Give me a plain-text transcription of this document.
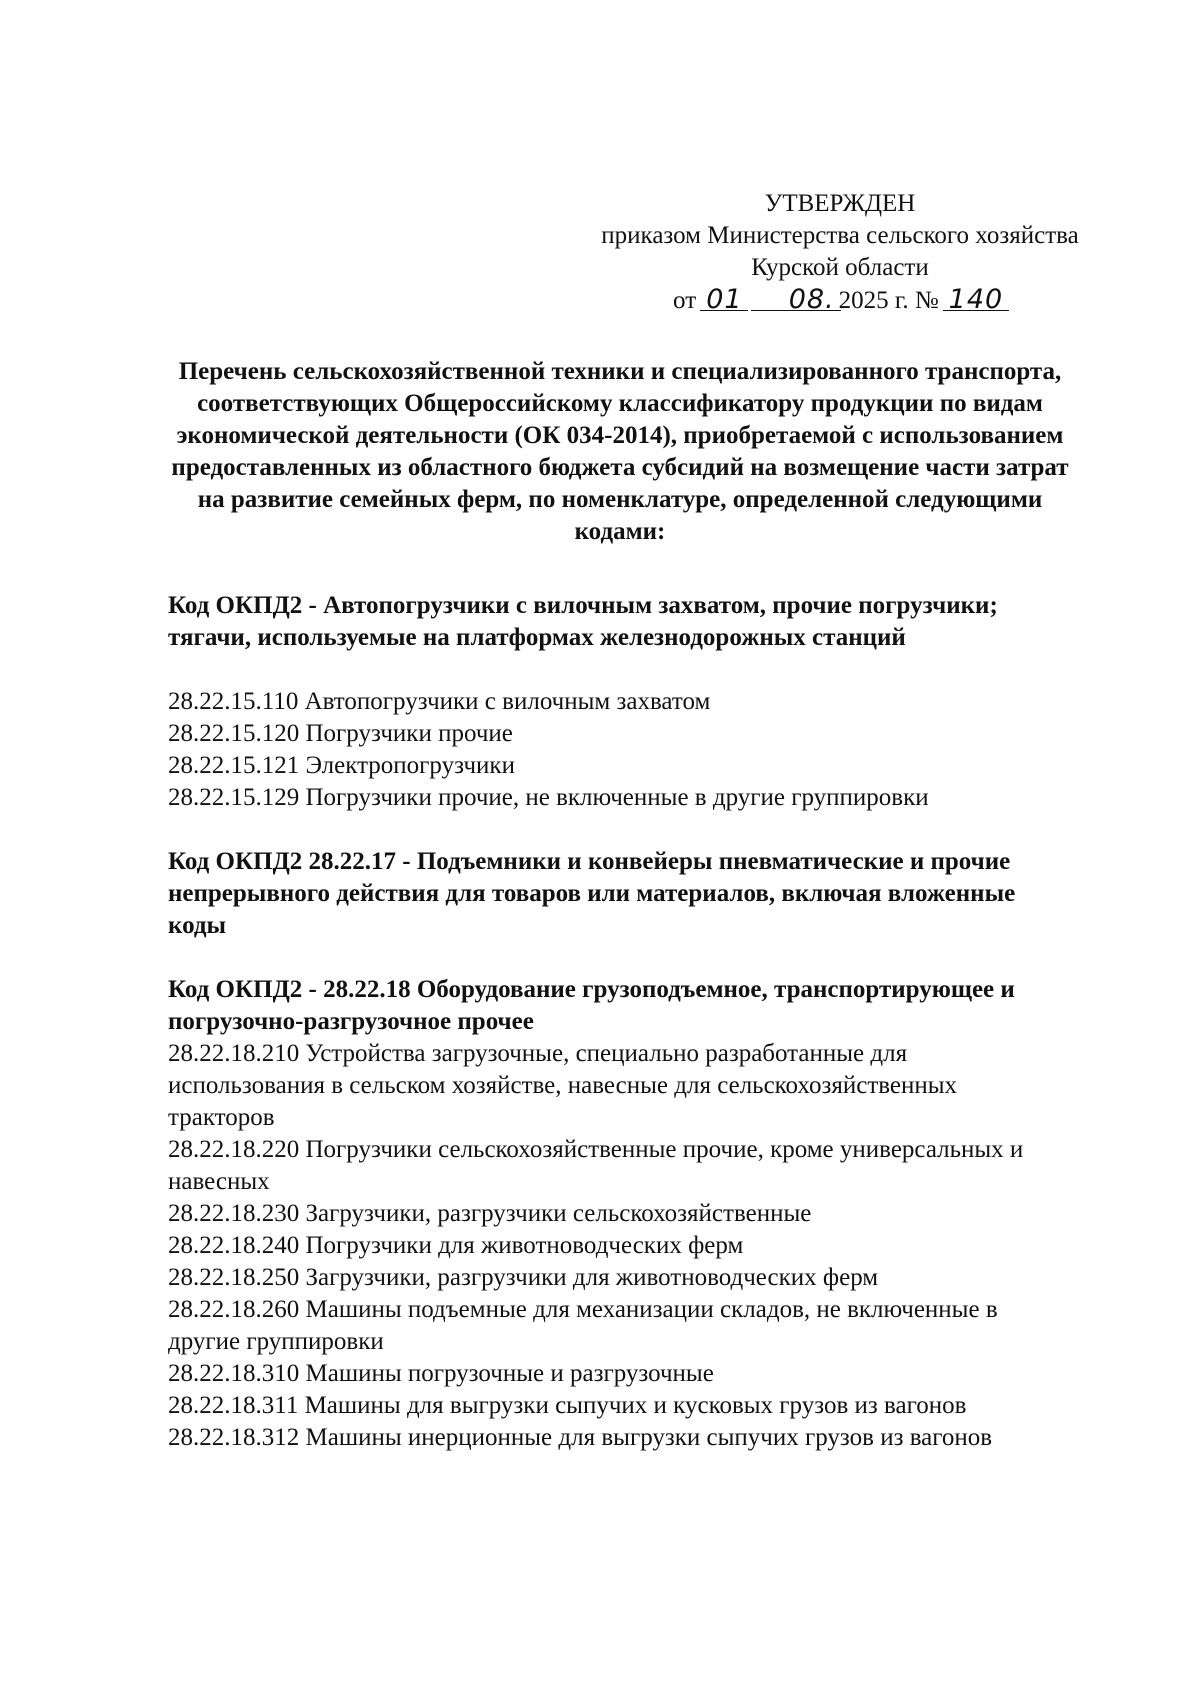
УТВЕРЖДЕН
приказом Министерства сельского хозяйства
Курской области
от 01 08. 2025 г. № 140
Перечень сельскохозяйственной техники и специализированного транспорта, соответствующих Общероссийскому классификатору продукции по видам экономической деятельности (ОК 034-2014), приобретаемой с использованием предоставленных из областного бюджета субсидий на возмещение части затрат на развитие семейных ферм, по номенклатуре, определенной следующими кодами:
Код ОКПД2 - Автопогрузчики с вилочным захватом, прочие погрузчики; тягачи, используемые на платформах железнодорожных станций
28.22.15.110 Автопогрузчики с вилочным захватом
28.22.15.120 Погрузчики прочие
28.22.15.121 Электропогрузчики
28.22.15.129 Погрузчики прочие, не включенные в другие группировки
Код ОКПД2 28.22.17 - Подъемники и конвейеры пневматические и прочие непрерывного действия для товаров или материалов, включая вложенные коды
Код ОКПД2 - 28.22.18 Оборудование грузоподъемное, транспортирующее и погрузочно-разгрузочное прочее
28.22.18.210 Устройства загрузочные, специально разработанные для использования в сельском хозяйстве, навесные для сельскохозяйственных тракторов
28.22.18.220 Погрузчики сельскохозяйственные прочие, кроме универсальных и навесных
28.22.18.230 Загрузчики, разгрузчики сельскохозяйственные
28.22.18.240 Погрузчики для животноводческих ферм
28.22.18.250 Загрузчики, разгрузчики для животноводческих ферм
28.22.18.260 Машины подъемные для механизации складов, не включенные в другие группировки
28.22.18.310 Машины погрузочные и разгрузочные
28.22.18.311 Машины для выгрузки сыпучих и кусковых грузов из вагонов
28.22.18.312 Машины инерционные для выгрузки сыпучих грузов из вагонов
